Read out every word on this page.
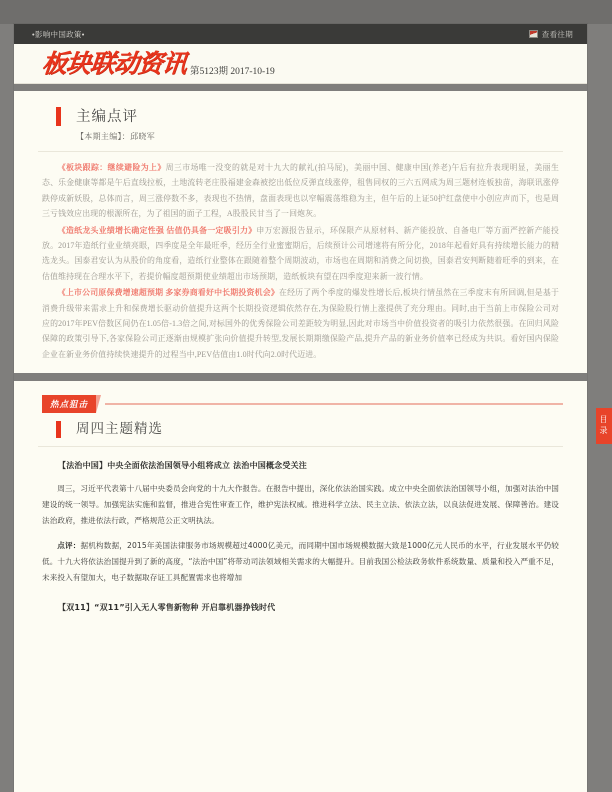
•影响中国政策•	查看往期
板块联动资讯 第5123期 2017-10-19
主编点评
【本期主编】：邱晓军

《板块跟踪：继续避险为上》周三市场唯一没变的就是对十九大的献礼(拍马屁)，美丽中国、健康中国(养老)午后有拉升表现明显，美丽生态、乐金健康等都是午后直线拉板，土地流转老庄股福建金森被挖出低位反弹直线涨停，租售同权的三六五网成为周三题材连板独苗，海联讯涨停跌停成新妖股，总体而言，周三涨停数不多，表现也不热情，盘面表现也以窄幅震荡维稳为主，但午后的上证50护红盘使中小创应声而下，也是周三亏钱效应出现的根源所在，为了祖国的面子工程，A股股民甘当了一回炮灰。

《造纸龙头业绩增长确定性强 估值仍具备一定吸引力》申万宏源报告显示，环保限产从原材料、新产能投放、自备电厂等方面严控新产能投放。2017年造纸行业业绩亮眼，四季度是全年最旺季，经历全行业蜜蜜期后，后续预计公司增速将有所分化，2018年起看好具有持续增长能力的精选龙头。国泰君安认为从股价的角度看，造纸行业整体在跟随着整个周期波动，市场也在周期和消费之间切换，国泰君安判断随着旺季的到来，在估值维持现在合理水平下，若提价幅度超预期使业绩超出市场预期，造纸板块有望在四季度迎来新一波行情。

《上市公司原保费增速超预期 多家券商看好中长期投资机会》在经历了两个季度的爆发性增长后,板块行情虽然在三季度末有所回调,但是基于消费升级带来需求上升和保费增长驱动价值提升这两个长期投资逻辑依然存在,为保险股行情上涨提供了充分理由。同时,由于当前上市保险公司对应的2017年PEV倍数区间仍在1.05倍-1.3倍之间,对标国外的优秀保险公司差距较为明显,因此对市场当中价值投资者的吸引力依然很强。在回归风险保障的政策引导下,各家保险公司正逐渐由规模扩张向价值提升转型,发展长期期缴保险产品,提升产品的新业务价值率已经成为共识。看好国内保险企业在新业务价值持续快速提升的过程当中,PEV估值由1.0时代向2.0时代迈进。

热点狙击
周四主题精选

【法治中国】中央全面依法治国领导小组将成立 法治中国概念受关注

周三，习近平代表第十八届中央委员会向党的十九大作报告。在报告中提出，深化依法治国实践。成立中央全面依法治国领导小组，加强对法治中国建设的统一领导。加强宪法实施和监督，推进合宪性审查工作，维护宪法权威。推进科学立法、民主立法、依法立法，以良法促进发展、保障善治。建设法治政府，推进依法行政，严格规范公正文明执法。

点评：据机构数据，2015年美国法律服务市场规模超过4000亿美元，而同期中国市场规模数据大致是1000亿元人民币的水平，行业发展水平仍较低。十九大将依法治国提升到了新的高度，“法治中国”将带动司法领域相关需求的大幅提升。目前我国公检法政务软件系统数量、质量和投入严重不足，未来投入有望加大，电子数据取存证工具配置需求也将增加

【双11】“双11”引入无人零售新物种 开启靠机器挣钱时代

目录
